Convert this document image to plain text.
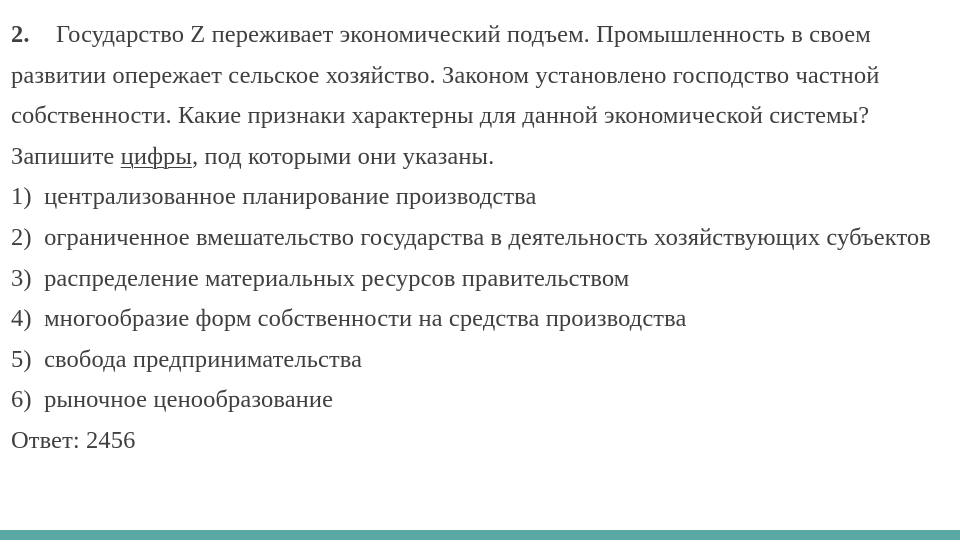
2. Государство Z переживает экономический подъем. Промышленность в своем развитии опережает сельское хозяйство. Законом установлено господство частной собственности. Какие признаки характерны для данной экономической системы? Запишите цифры, под которыми они указаны.

1) централизованное планирование производства
2) ограниченное вмешательство государства в деятельность хозяйствующих субъектов
3) распределение материальных ресурсов правительством
4) многообразие форм собственности на средства производства
5) свобода предпринимательства
6) рыночное ценообразование

Ответ: 2456
